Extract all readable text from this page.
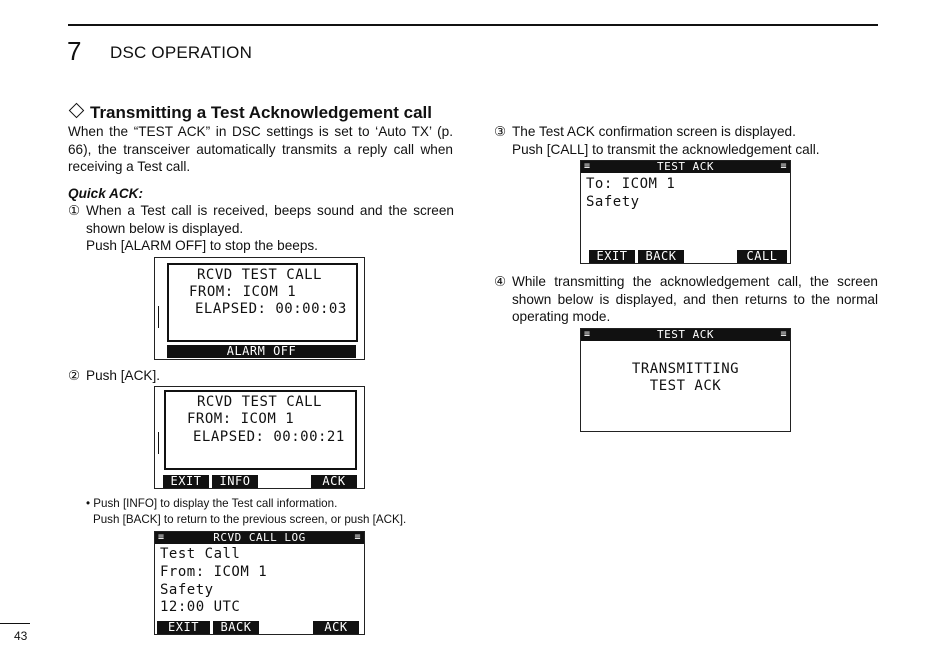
7 DSC OPERATION
Transmitting a Test Acknowledgement call
When the “TEST ACK” in DSC settings is set to ‘Auto TX’ (p. 66), the transceiver automatically transmits a reply call when receiving a Test call.
Quick ACK:
① When a Test call is received, beeps sound and the screen shown below is displayed.
Push [ALARM OFF] to stop the beeps.
RCVD TEST CALL
FROM: ICOM 1
ELAPSED: 00:00:03
ALARM OFF
② Push [ACK].
RCVD TEST CALL
FROM: ICOM 1
ELAPSED: 00:00:21
EXIT	INFO	ACK
• Push [INFO] to display the Test call information.
Push [BACK] to return to the previous screen, or push [ACK].
≡	RCVD CALL LOG	≡
Test Call
From: ICOM 1
Safety
12:00 UTC
EXIT	BACK	ACK
③ The Test ACK confirmation screen is displayed.
Push [CALL] to transmit the acknowledgement call.
≡	TEST ACK	≡
To: ICOM 1
Safety
EXIT	BACK	CALL
④ While transmitting the acknowledgement call, the screen shown below is displayed, and then returns to the normal operating mode.
≡	TEST ACK	≡
TRANSMITTING
TEST ACK
43
